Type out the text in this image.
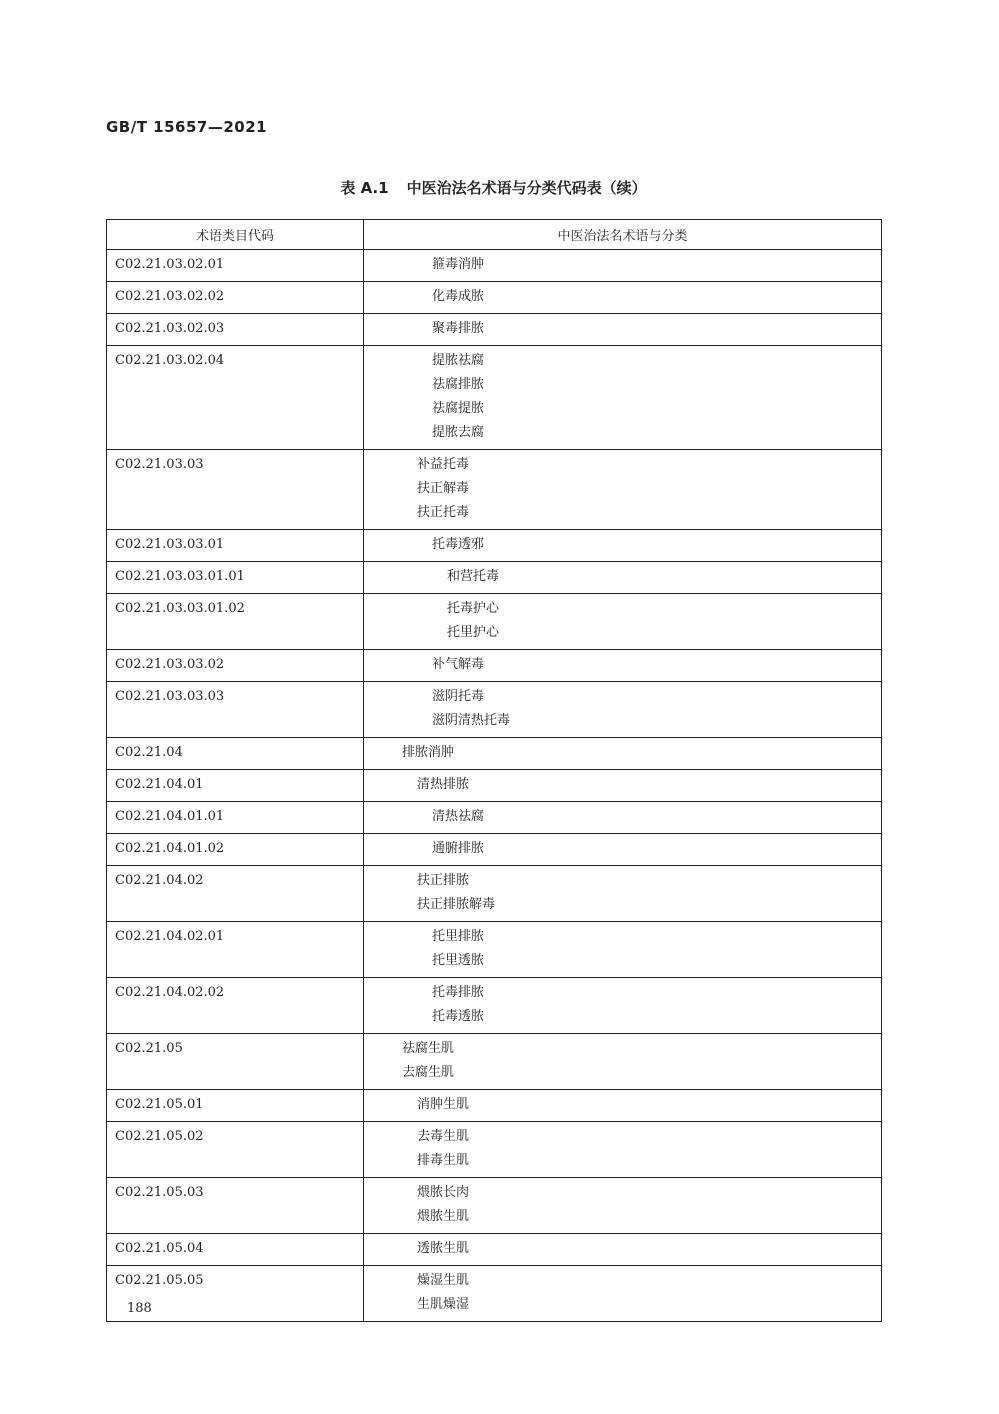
GB/T 15657—2021
表 A.1 中医治法名术语与分类代码表（续）
术语类目代码	中医治法名术语与分类
C02.21.03.02.01	箍毒消肿

C02.21.03.02.02	化毒成脓

C02.21.03.02.03	聚毒排脓

C02.21.03.02.04	提脓祛腐
祛腐排脓
祛腐提脓
提脓去腐

C02.21.03.03	补益托毒
扶正解毒
扶正托毒

C02.21.03.03.01	托毒透邪

C02.21.03.03.01.01	和营托毒

C02.21.03.03.01.02	托毒护心
托里护心

C02.21.03.03.02	补气解毒

C02.21.03.03.03	滋阴托毒
滋阴清热托毒

C02.21.04	排脓消肿

C02.21.04.01	清热排脓

C02.21.04.01.01	清热祛腐

C02.21.04.01.02	通腑排脓

C02.21.04.02	扶正排脓
扶正排脓解毒

C02.21.04.02.01	托里排脓
托里透脓

C02.21.04.02.02	托毒排脓
托毒透脓

C02.21.05	祛腐生肌
去腐生肌

C02.21.05.01	消肿生肌

C02.21.05.02	去毒生肌
排毒生肌

C02.21.05.03	煨脓长肉
煨脓生肌

C02.21.05.04	透脓生肌

C02.21.05.05	燥湿生肌
生肌燥湿
188
